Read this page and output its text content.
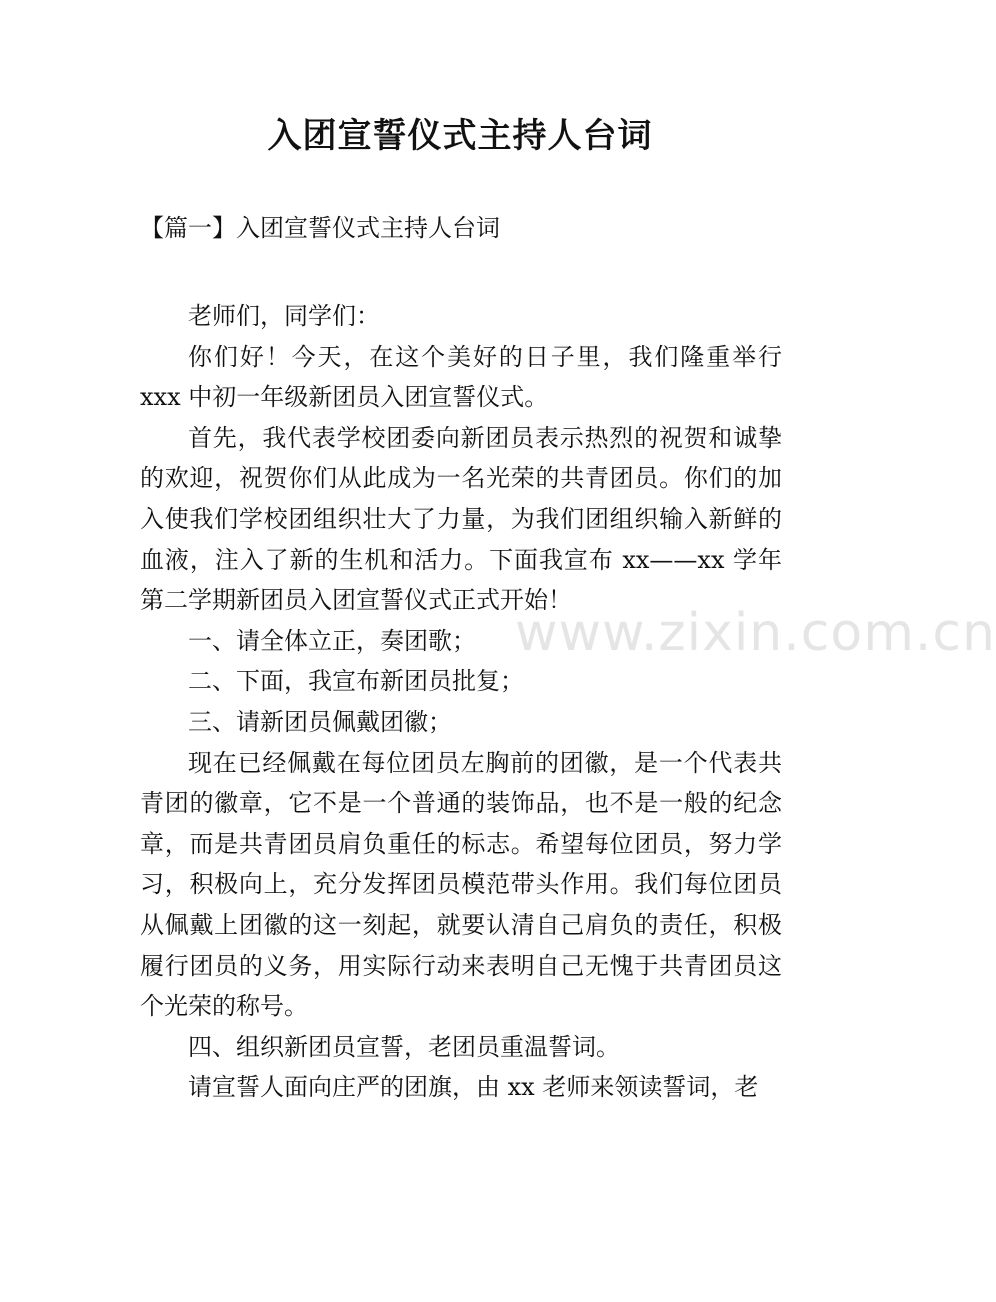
入团宣誓仪式主持人台词

【篇一】入团宣誓仪式主持人台词

老师们，同学们：

你们好！今天，在这个美好的日子里，我们隆重举行 xxx 中初一年级新团员入团宣誓仪式。

首先，我代表学校团委向新团员表示热烈的祝贺和诚挚的欢迎，祝贺你们从此成为一名光荣的共青团员。你们的加入使我们学校团组织壮大了力量，为我们团组织输入新鲜的血液，注入了新的生机和活力。下面我宣布 xx——xx 学年第二学期新团员入团宣誓仪式正式开始！

一、请全体立正，奏团歌；

二、下面，我宣布新团员批复；

三、请新团员佩戴团徽；

现在已经佩戴在每位团员左胸前的团徽，是一个代表共青团的徽章，它不是一个普通的装饰品，也不是一般的纪念章，而是共青团员肩负重任的标志。希望每位团员，努力学习，积极向上，充分发挥团员模范带头作用。我们每位团员从佩戴上团徽的这一刻起，就要认清自己肩负的责任，积极履行团员的义务，用实际行动来表明自己无愧于共青团员这个光荣的称号。

四、组织新团员宣誓，老团员重温誓词。

请宣誓人面向庄严的团旗，由 xx 老师来领读誓词，老

www.zixin.com.cn
